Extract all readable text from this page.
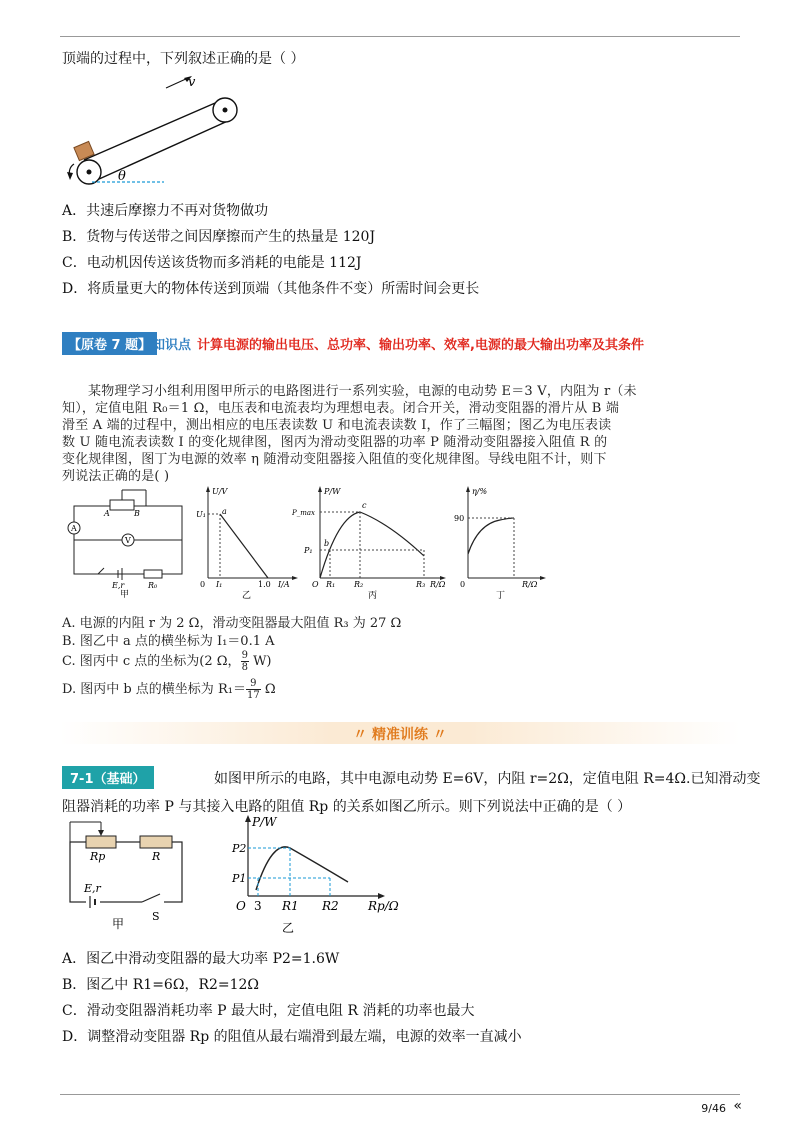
顶端的过程中，下列叙述正确的是（ ）
v
θ
A．共速后摩擦力不再对货物做功
B．货物与传送带之间因摩擦而产生的热量是 120J
C．电动机因传送该货物而多消耗的电能是 112J
D．将质量更大的物体传送到顶端（其他条件不变）所需时间会更长
【原卷 7 题】 知识点 计算电源的输出电压、总功率、输出功率、效率,电源的最大输出功率及其条件
某物理学习小组利用图甲所示的电路图进行一系列实验，电源的电动势 E＝3 V，内阻为 r（未
知），定值电阻 R₀＝1 Ω，电压表和电流表均为理想电表。闭合开关，滑动变阻器的滑片从 B 端
滑至 A 端的过程中，测出相应的电压表读数 U 和电流表读数 I，作了三幅图；图乙为电压表读
数 U 随电流表读数 I 的变化规律图，图丙为滑动变阻器的功率 P 随滑动变阻器接入阻值 R 的
变化规律图，图丁为电源的效率 η 随滑动变阻器接入阻值的变化规律图。导线电阻不计，则下
列说法正确的是( )
A	B
A
V
E,r	R₀
甲
U/V
a
U₁
0 I₁	1.0 I/A
乙
P/W
c
b
P_max
P₁
O R₁ R₂	R₃ R/Ω
丙
η/%
90
0	R/Ω
丁
A. 电源的内阻 r 为 2 Ω，滑动变阻器最大阻值 R₃ 为 27 Ω
B. 图乙中 a 点的横坐标为 I₁＝0.1 A
C. 图丙中 c 点的坐标为(2 Ω， $\frac{9}{8} W$)
D. 图丙中 b 点的横坐标为 $R_1= \frac{9}{17}$ Ω
〃 精准训练 〃
7-1（基础）	如图甲所示的电路，其中电源电动势 E=6V，内阻 r=2Ω，定值电阻 R=4Ω.已知滑动变
阻器消耗的功率 P 与其接入电路的阻值 Rp 的关系如图乙所示。则下列说法中正确的是（ ）
Rp	R
E,r
S
甲
P/W
P2
P1
O 3 R1 R2 Rp/Ω
乙
A．图乙中滑动变阻器的最大功率 P2=1.6W
B．图乙中 R1=6Ω，R2=12Ω
C．滑动变阻器消耗功率 P 最大时，定值电阻 R 消耗的功率也最大
D．调整滑动变阻器 Rp 的阻值从最右端滑到最左端，电源的效率一直减小
9/46 «
